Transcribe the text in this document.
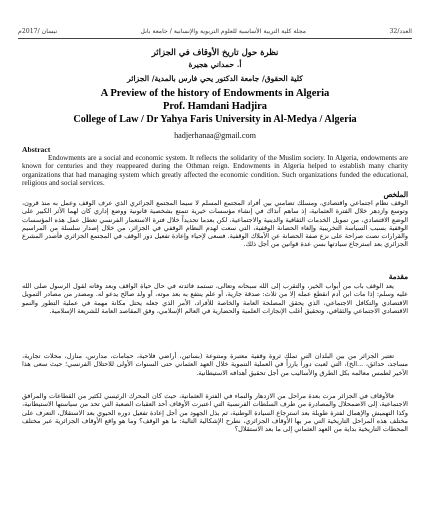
نيسان /2017م	مجلة كلية التربية الأساسية للعلوم التربوية والإنسانية / جامعة بابل	العدد/32
نظرة حول تاريخ الأوقاف في الجزائر
أ. حمداني هجيرة
كلية الحقوق/ جامعة الدكتور يحي فارس بالمدية/ الجزائر
A Preview of the history of Endowments in Algeria
Prof. Hamdani Hadjira
College of Law / Dr Yahya Faris University in Al-Medya / Algeria
hadjerhanaa@gmail.com
Abstract

Endowments are a social and economic system. It reflects the solidarity of the Muslim society. In Algeria, endowments are known for centuries and they reappeared during the Othman reign. Endowments in Algeria helped to establish many charity organizations that had managing system which greatly affected the economic condition. Such organizations funded the educational, religious and social services.

الملخص

الوقف نظام اجتماعي واقتصادي، ومسلك تضامني بين أفراد المجتمع المسلم لا سيما المجتمع الجزائري الذي عرف الوقف وعمل به منذ قرون، وتوسع وازدهر خلال الفترة العثمانية، إذ ساهم آنذاك في إنشاء مؤسسات خيرية تتمتع بشخصية قانونية ووضع إداري كان لهما الأثر الكبير على الوضع الاقتصادي، من تمويل الخدمات الثقافية والدينية والاجتماعية، لكن بعدما تحديداً خلال فترة الاستعمار الفرنسي تعطل عمل هذه المؤسسات الوقفية بسبب السياسة التخريبية وإلغاء الحصانة الوقفية، التي سعت لهدم النظام الوقفي في الجزائر، من خلال إصدار سلسلة من المراسيم والقرارات نصت صراحة على نزع صفة الحصانة عن الأملاك الوقفية. فسعى لإحياء وإعادة تفعيل دور الوقف في المجتمع الجزائري فأصدر المشرع الجزائري بعد استرجاع سيادتها بسن عدة قوانين من أجل ذلك.

مقدمة

يعد الوقف باب من أبواب الخير، والتقرب إلى الله سبحانه وتعالى، تستمد فائدته في حال حياة الواقف وبعد وفاته لقول الرسول صلى الله عليه وسلم: إذا مات ابن آدم انقطع عمله إلا من ثلاث: صدقة جارية، أو علم ينتفع به بعد موته، أو ولد صالح يدعو له. ومصدر من مصادر التمويل الاقتصادي والتكافل الاجتماعي، الذي يحقق المصلحة العامة والخاصة للأفراد، الأمر الذي جعله يحتل مكانة مهمة في عملية التطور والنمو الاقتصادي الاجتماعي والثقافي، وتحقيق أغلب الإنجازات العلمية والحضارية في العالم الإسلامي، وفق المقاصد العامة للشريعة الإسلامية.

تعتبر الجزائر من بين البلدان التي تملك ثروة وقفية معتبرة ومتنوعة (بساتين، أراضي فلاحية، حمامات، مدارس، منازل، محلات تجارية، مساجد، حدائق، ...الخ)، التي لعبت دوراً بارزاً في العملية التنموية خلال العهد العثماني حتى السنوات الأولى للاحتلال الفرنسي؛ حيث سعى هذا الأخير لطمس معالمه بكل الطرق والأساليب من أجل تحقيق أهدافه الاستيطانية.

فالأوقاف في الجزائر مرت بعدة مراحل من الازدهار والنماء في الفترة العثمانية، حيث كان المحرك الرئيسي لكثير من القطاعات والمرافق الاجتماعية، إلى الاضمحلال والمصادرة من طرف السلطات الفرنسية التي اعتبرت الأوقاف أحد العقبات الصعبة التي تحد من سياستها الاستيطانية، وكذا التهميش والإهمال لفترة طويلة بعد استرجاع السيادة الوطنية، ثم بذل الجهود من أجل إعادة تفعيل دوره الحيوي بعد الاستقلال، التعرف على مختلف هذه المراحل التاريخية التي مر بها الأوقاف الجزائري، نطرح الإشكالية التالية: ما هو الوقف؟ وما هو واقع الأوقاف الجزائرية عبر مختلف المحطات التاريخية بداية من العهد العثماني إلى ما بعد الاستقلال؟
